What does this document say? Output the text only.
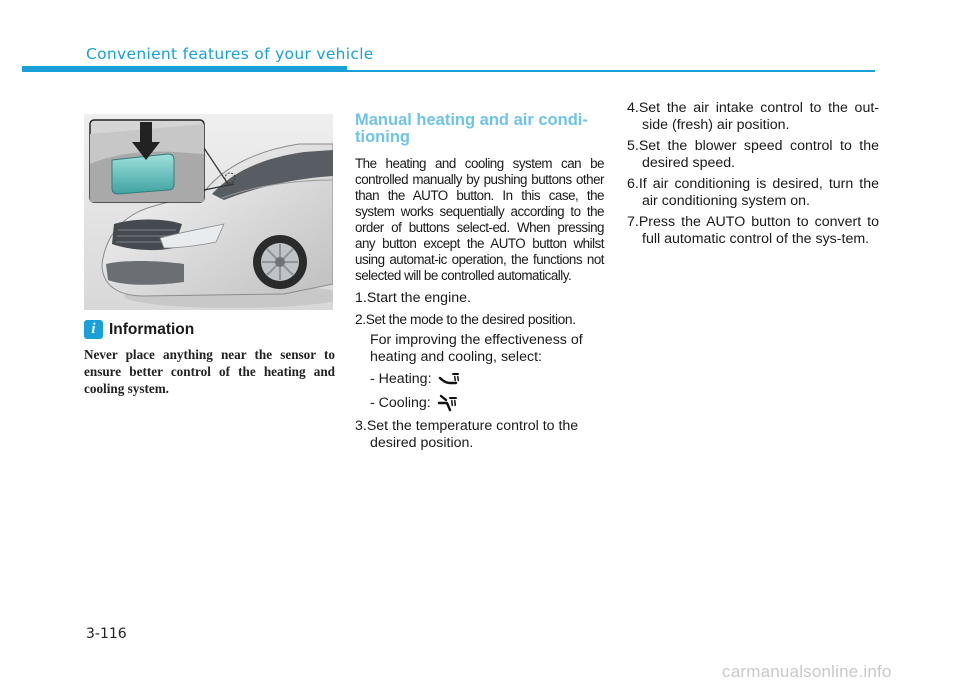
Convenient features of your vehicle
i Information
Never place anything near the sensor to ensure better control of the heating and cooling system.
Manual heating and air condi-
tioning

The heating and cooling system can be controlled manually by pushing buttons other than the AUTO button. In this case, the system works sequentially according to the order of buttons select-ed. When pressing any button except the AUTO button whilst using automat-ic operation, the functions not selected will be controlled automatically.

1.Start the engine.

2.Set the mode to the desired position.

For improving the effectiveness of heating and cooling, select:

- Heating:
- Cooling:

3.Set the temperature control to the desired position.

4.Set the air intake control to the out-side (fresh) air position.

5.Set the blower speed control to the desired speed.

6.If air conditioning is desired, turn the air conditioning system on.

7.Press the AUTO button to convert to full automatic control of the sys-tem.

3-116
carmanualsonline.info
